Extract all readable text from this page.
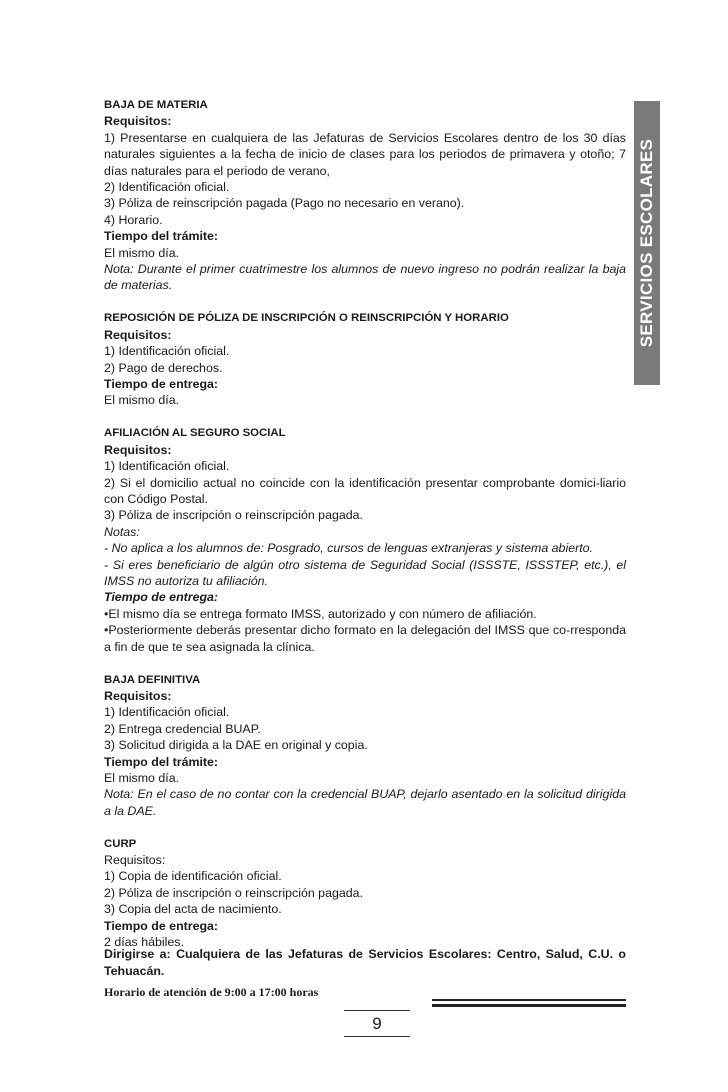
SERVICIOS ESCOLARES

BAJA DE MATERIA

Requisitos:

1) Presentarse en cualquiera de las Jefaturas de Servicios Escolares dentro de los 30 días naturales siguientes a la fecha de inicio de clases para los periodos de primavera y otoño; 7 días naturales para el periodo de verano,

2) Identificación oficial.

3) Póliza de reinscripción pagada (Pago no necesario en verano).

4) Horario.

Tiempo del trámite:

El mismo día.

Nota: Durante el primer cuatrimestre los alumnos de nuevo ingreso no podrán realizar la baja de materias.

REPOSICIÓN DE PÓLIZA DE INSCRIPCIÓN O REINSCRIPCIÓN Y HORARIO

Requisitos:

1) Identificación oficial.

2) Pago de derechos.

Tiempo de entrega:

El mismo día.

AFILIACIÓN AL SEGURO SOCIAL

Requisitos:

1) Identificación oficial.

2) Si el domicilio actual no coincide con la identificación presentar comprobante domici-liario con Código Postal.

3) Póliza de inscripción o reinscripción pagada.

Notas:

- No aplica a los alumnos de: Posgrado, cursos de lenguas extranjeras y sistema abierto.

- Si eres beneficiario de algún otro sistema de Seguridad Social (ISSSTE, ISSSTEP, etc.), el IMSS no autoriza tu afiliación.

Tiempo de entrega:

•El mismo día se entrega formato IMSS, autorizado y con número de afiliación.

•Posteriormente deberás presentar dicho formato en la delegación del IMSS que co-rresponda a fin de que te sea asignada la clínica.

BAJA DEFINITIVA

Requisitos:

1) Identificación oficial.

2) Entrega credencial BUAP.

3) Solicitud dirigida a la DAE en original y copia.

Tiempo del trámite:

El mismo día.

Nota: En el caso de no contar con la credencial BUAP, dejarlo asentado en la solicitud dirigida a la DAE.

CURP

Requisitos:

1) Copia de identificación oficial.

2) Póliza de inscripción o reinscripción pagada.

3) Copia del acta de nacimiento.

Tiempo de entrega:

2 días hábiles.

Dirigirse a: Cualquiera de las Jefaturas de Servicios Escolares: Centro, Salud, C.U. o Tehuacán.
Horario de atención de 9:00 a 17:00 horas
9
